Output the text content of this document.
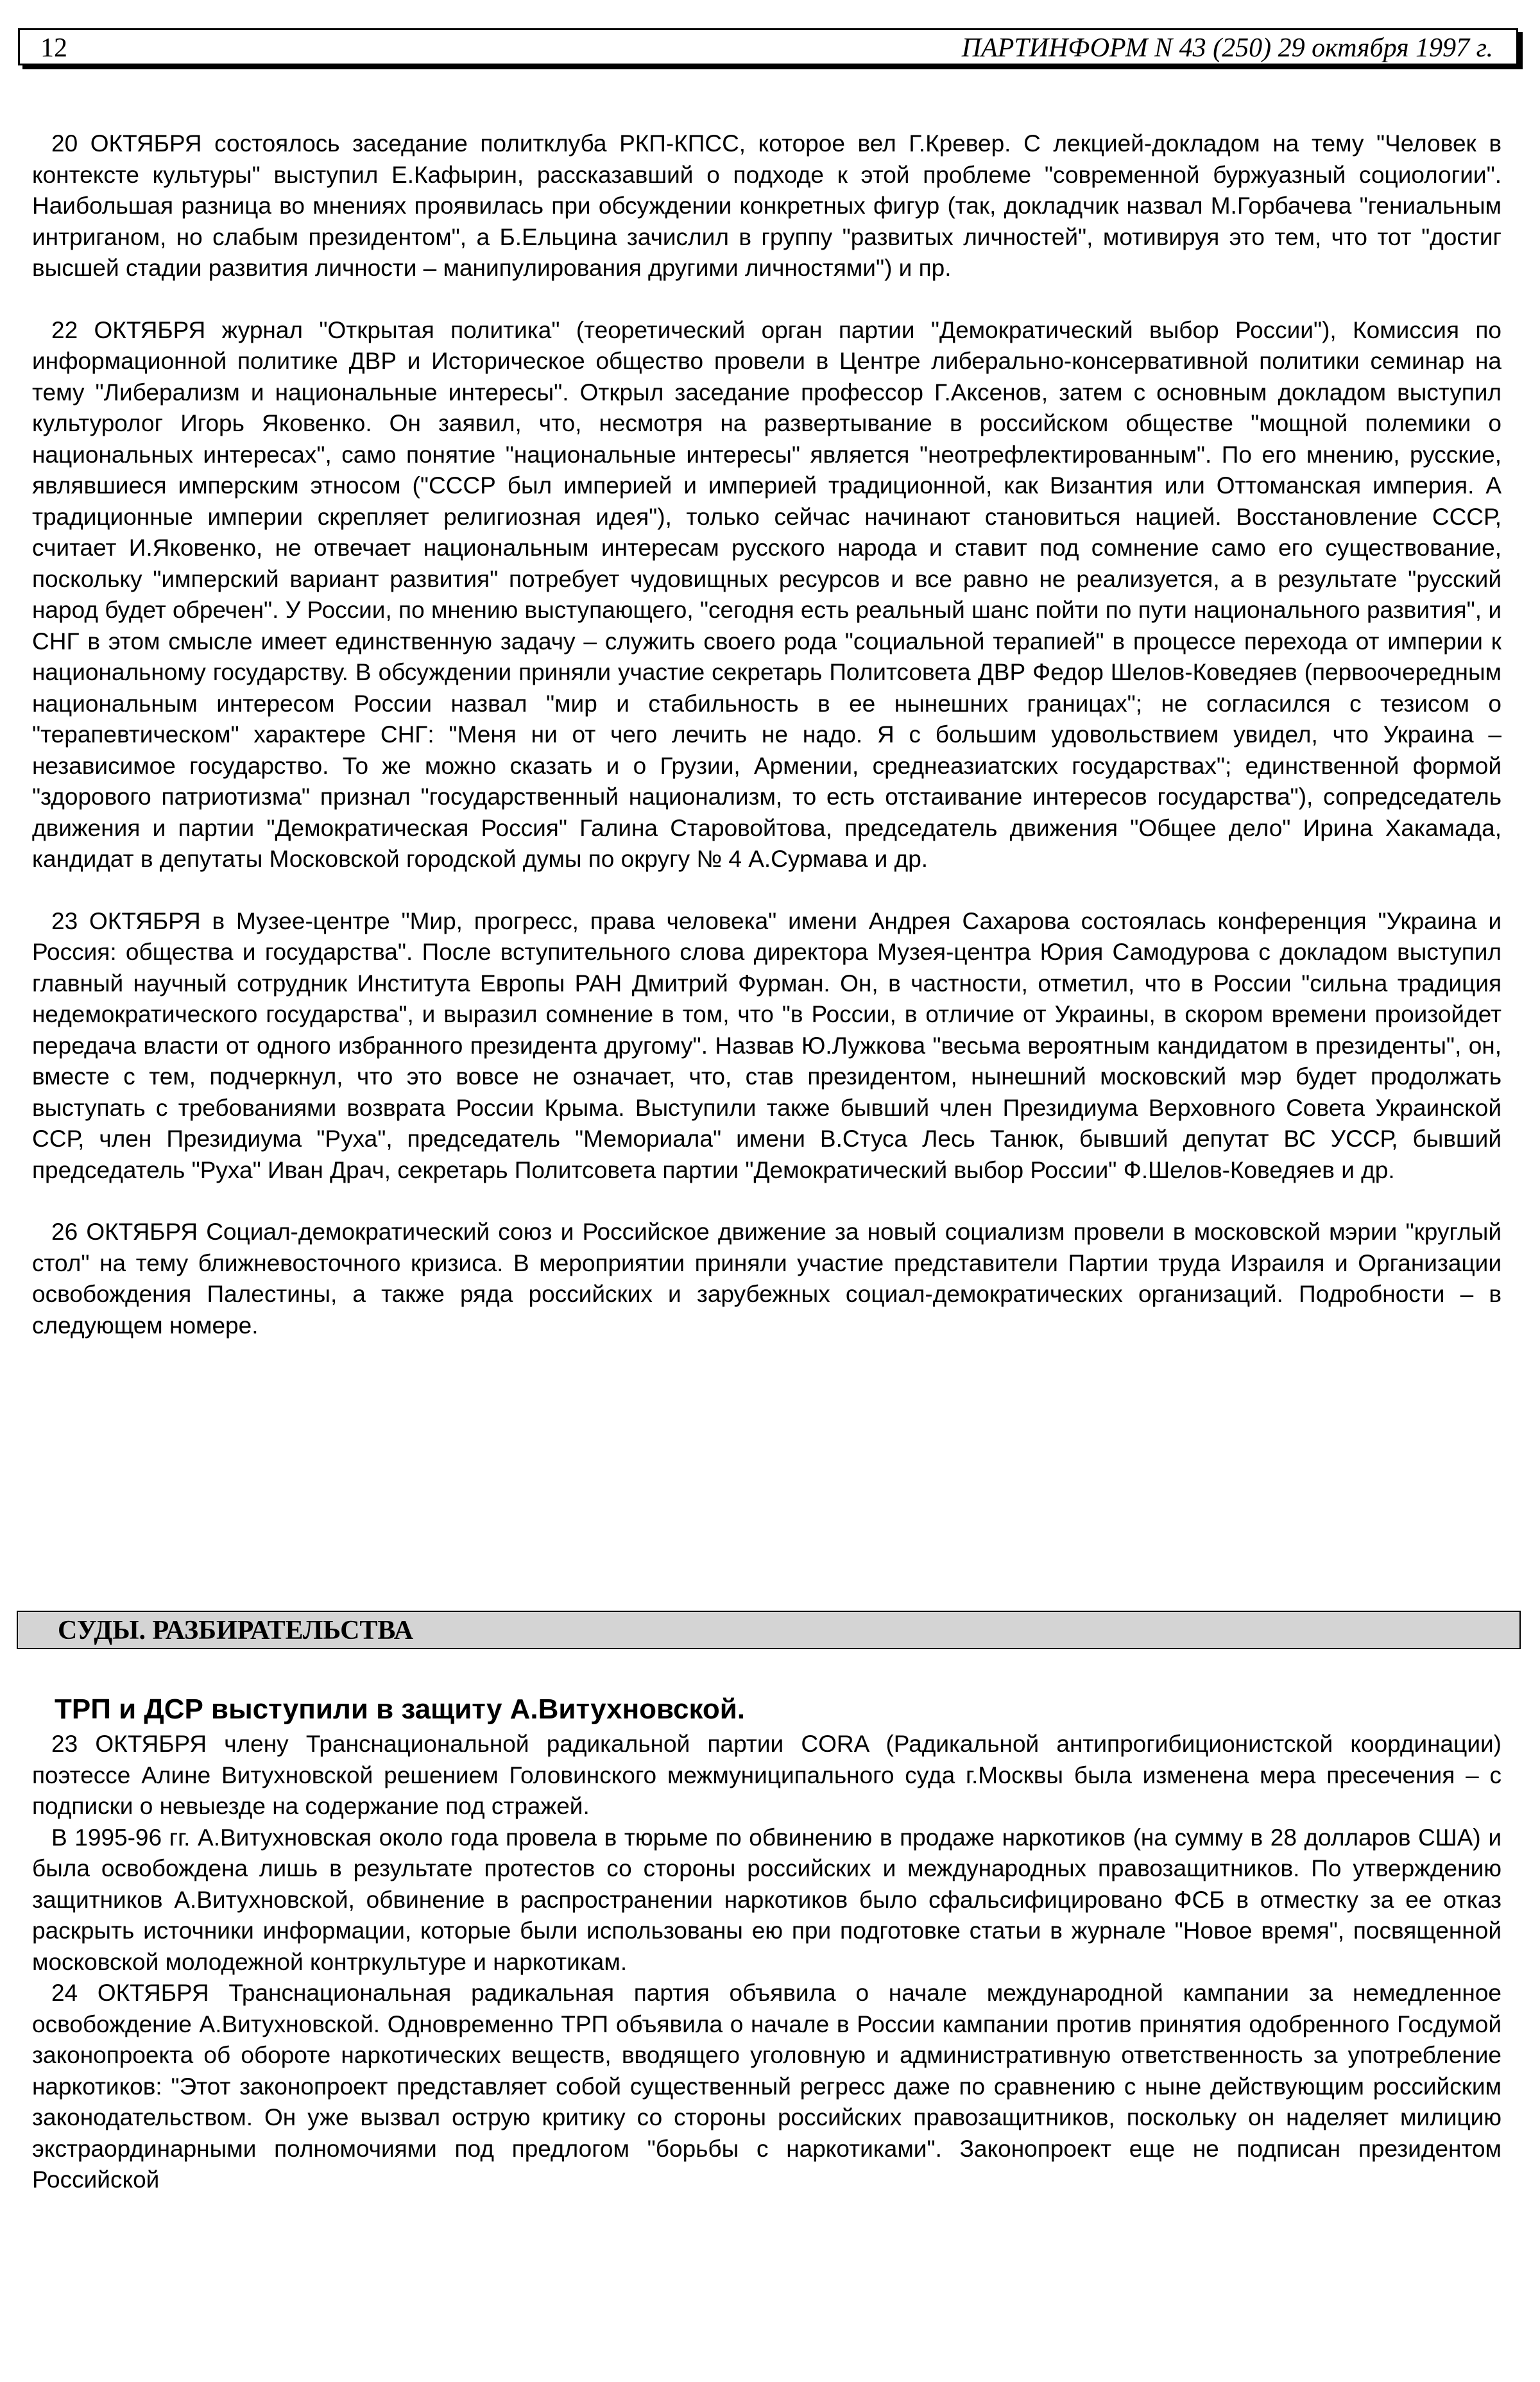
12	ПАРТИНФОРМ N 43 (250) 29 октября 1997 г.

20 ОКТЯБРЯ состоялось заседание политклуба РКП-КПСС, которое вел Г.Кревер. С лекцией-докладом на тему "Человек в контексте культуры" выступил Е.Кафырин, рассказавший о подходе к этой проблеме "современной буржуазный социологии". Наибольшая разница во мнениях проявилась при обсуждении конкретных фигур (так, докладчик назвал М.Горбачева "гениальным интриганом, но слабым президентом", а Б.Ельцина зачислил в группу "развитых личностей", мотивируя это тем, что тот "достиг высшей стадии развития личности – манипулирования другими личностями") и пр.

22 ОКТЯБРЯ журнал "Открытая политика" (теоретический орган партии "Демократический выбор России"), Комиссия по информационной политике ДВР и Историческое общество провели в Центре либерально-консервативной политики семинар на тему "Либерализм и национальные интересы". Открыл заседание профессор Г.Аксенов, затем с основным докладом выступил культуролог Игорь Яковенко. Он заявил, что, несмотря на развертывание в российском обществе "мощной полемики о национальных интересах", само понятие "национальные интересы" является "неотрефлектированным". По его мнению, русские, являвшиеся имперским этносом ("СССР был империей и империей традиционной, как Византия или Оттоманская империя. А традиционные империи скрепляет религиозная идея"), только сейчас начинают становиться нацией. Восстановление СССР, считает И.Яковенко, не отвечает национальным интересам русского народа и ставит под сомнение само его существование, поскольку "имперский вариант развития" потребует чудовищных ресурсов и все равно не реализуется, а в результате "русский народ будет обречен". У России, по мнению выступающего, "сегодня есть реальный шанс пойти по пути национального развития", и СНГ в этом смысле имеет единственную задачу – служить своего рода "социальной терапией" в процессе перехода от империи к национальному государству. В обсуждении приняли участие секретарь Политсовета ДВР Федор Шелов-Коведяев (первоочередным национальным интересом России назвал "мир и стабильность в ее нынешних границах"; не согласился с тезисом о "терапевтическом" характере СНГ: "Меня ни от чего лечить не надо. Я с большим удовольствием увидел, что Украина – независимое государство. То же можно сказать и о Грузии, Армении, среднеазиатских государствах"; единственной формой "здорового патриотизма" признал "государственный национализм, то есть отстаивание интересов государства"), сопредседатель движения и партии "Демократическая Россия" Галина Старовойтова, председатель движения "Общее дело" Ирина Хакамада, кандидат в депутаты Московской городской думы по округу № 4 А.Сурмава и др.

23 ОКТЯБРЯ в Музее-центре "Мир, прогресс, права человека" имени Андрея Сахарова состоялась конференция "Украина и Россия: общества и государства". После вступительного слова директора Музея-центра Юрия Самодурова с докладом выступил главный научный сотрудник Института Европы РАН Дмитрий Фурман. Он, в частности, отметил, что в России "сильна традиция недемократического государства", и выразил сомнение в том, что "в России, в отличие от Украины, в скором времени произойдет передача власти от одного избранного президента другому". Назвав Ю.Лужкова "весьма вероятным кандидатом в президенты", он, вместе с тем, подчеркнул, что это вовсе не означает, что, став президентом, нынешний московский мэр будет продолжать выступать с требованиями возврата России Крыма. Выступили также бывший член Президиума Верховного Совета Украинской ССР, член Президиума "Руха", председатель "Мемориала" имени В.Стуса Лесь Танюк, бывший депутат ВС УССР, бывший председатель "Руха" Иван Драч, секретарь Политсовета партии "Демократический выбор России" Ф.Шелов-Коведяев и др.

26 ОКТЯБРЯ Социал-демократический союз и Российское движение за новый социализм провели в московской мэрии "круглый стол" на тему ближневосточного кризиса. В мероприятии приняли участие представители Партии труда Израиля и Организации освобождения Палестины, а также ряда российских и зарубежных социал-демократических организаций. Подробности – в следующем номере.

СУДЫ. РАЗБИРАТЕЛЬСТВА
ТРП и ДСР выступили в защиту А.Витухновской.

23 ОКТЯБРЯ члену Транснациональной радикальной партии CORA (Радикальной антипрогибиционистской координации) поэтессе Алине Витухновской решением Головинского межмуниципального суда г.Москвы была изменена мера пресечения – с подписки о невыезде на содержание под стражей.

В 1995-96 гг. А.Витухновская около года провела в тюрьме по обвинению в продаже наркотиков (на сумму в 28 долларов США) и была освобождена лишь в результате протестов со стороны российских и международных правозащитников. По утверждению защитников А.Витухновской, обвинение в распространении наркотиков было сфальсифицировано ФСБ в отместку за ее отказ раскрыть источники информации, которые были использованы ею при подготовке статьи в журнале "Новое время", посвященной московской молодежной контркультуре и наркотикам.

24 ОКТЯБРЯ Транснациональная радикальная партия объявила о начале международной кампании за немедленное освобождение А.Витухновской. Одновременно ТРП объявила о начале в России кампании против принятия одобренного Госдумой законопроекта об обороте наркотических веществ, вводящего уголовную и административную ответственность за употребление наркотиков: "Этот законопроект представляет собой существенный регресс даже по сравнению с ныне действующим российским законодательством. Он уже вызвал острую критику со стороны российских правозащитников, поскольку он наделяет милицию экстраординарными полномочиями под предлогом "борьбы с наркотиками". Законопроект еще не подписан президентом Российской
